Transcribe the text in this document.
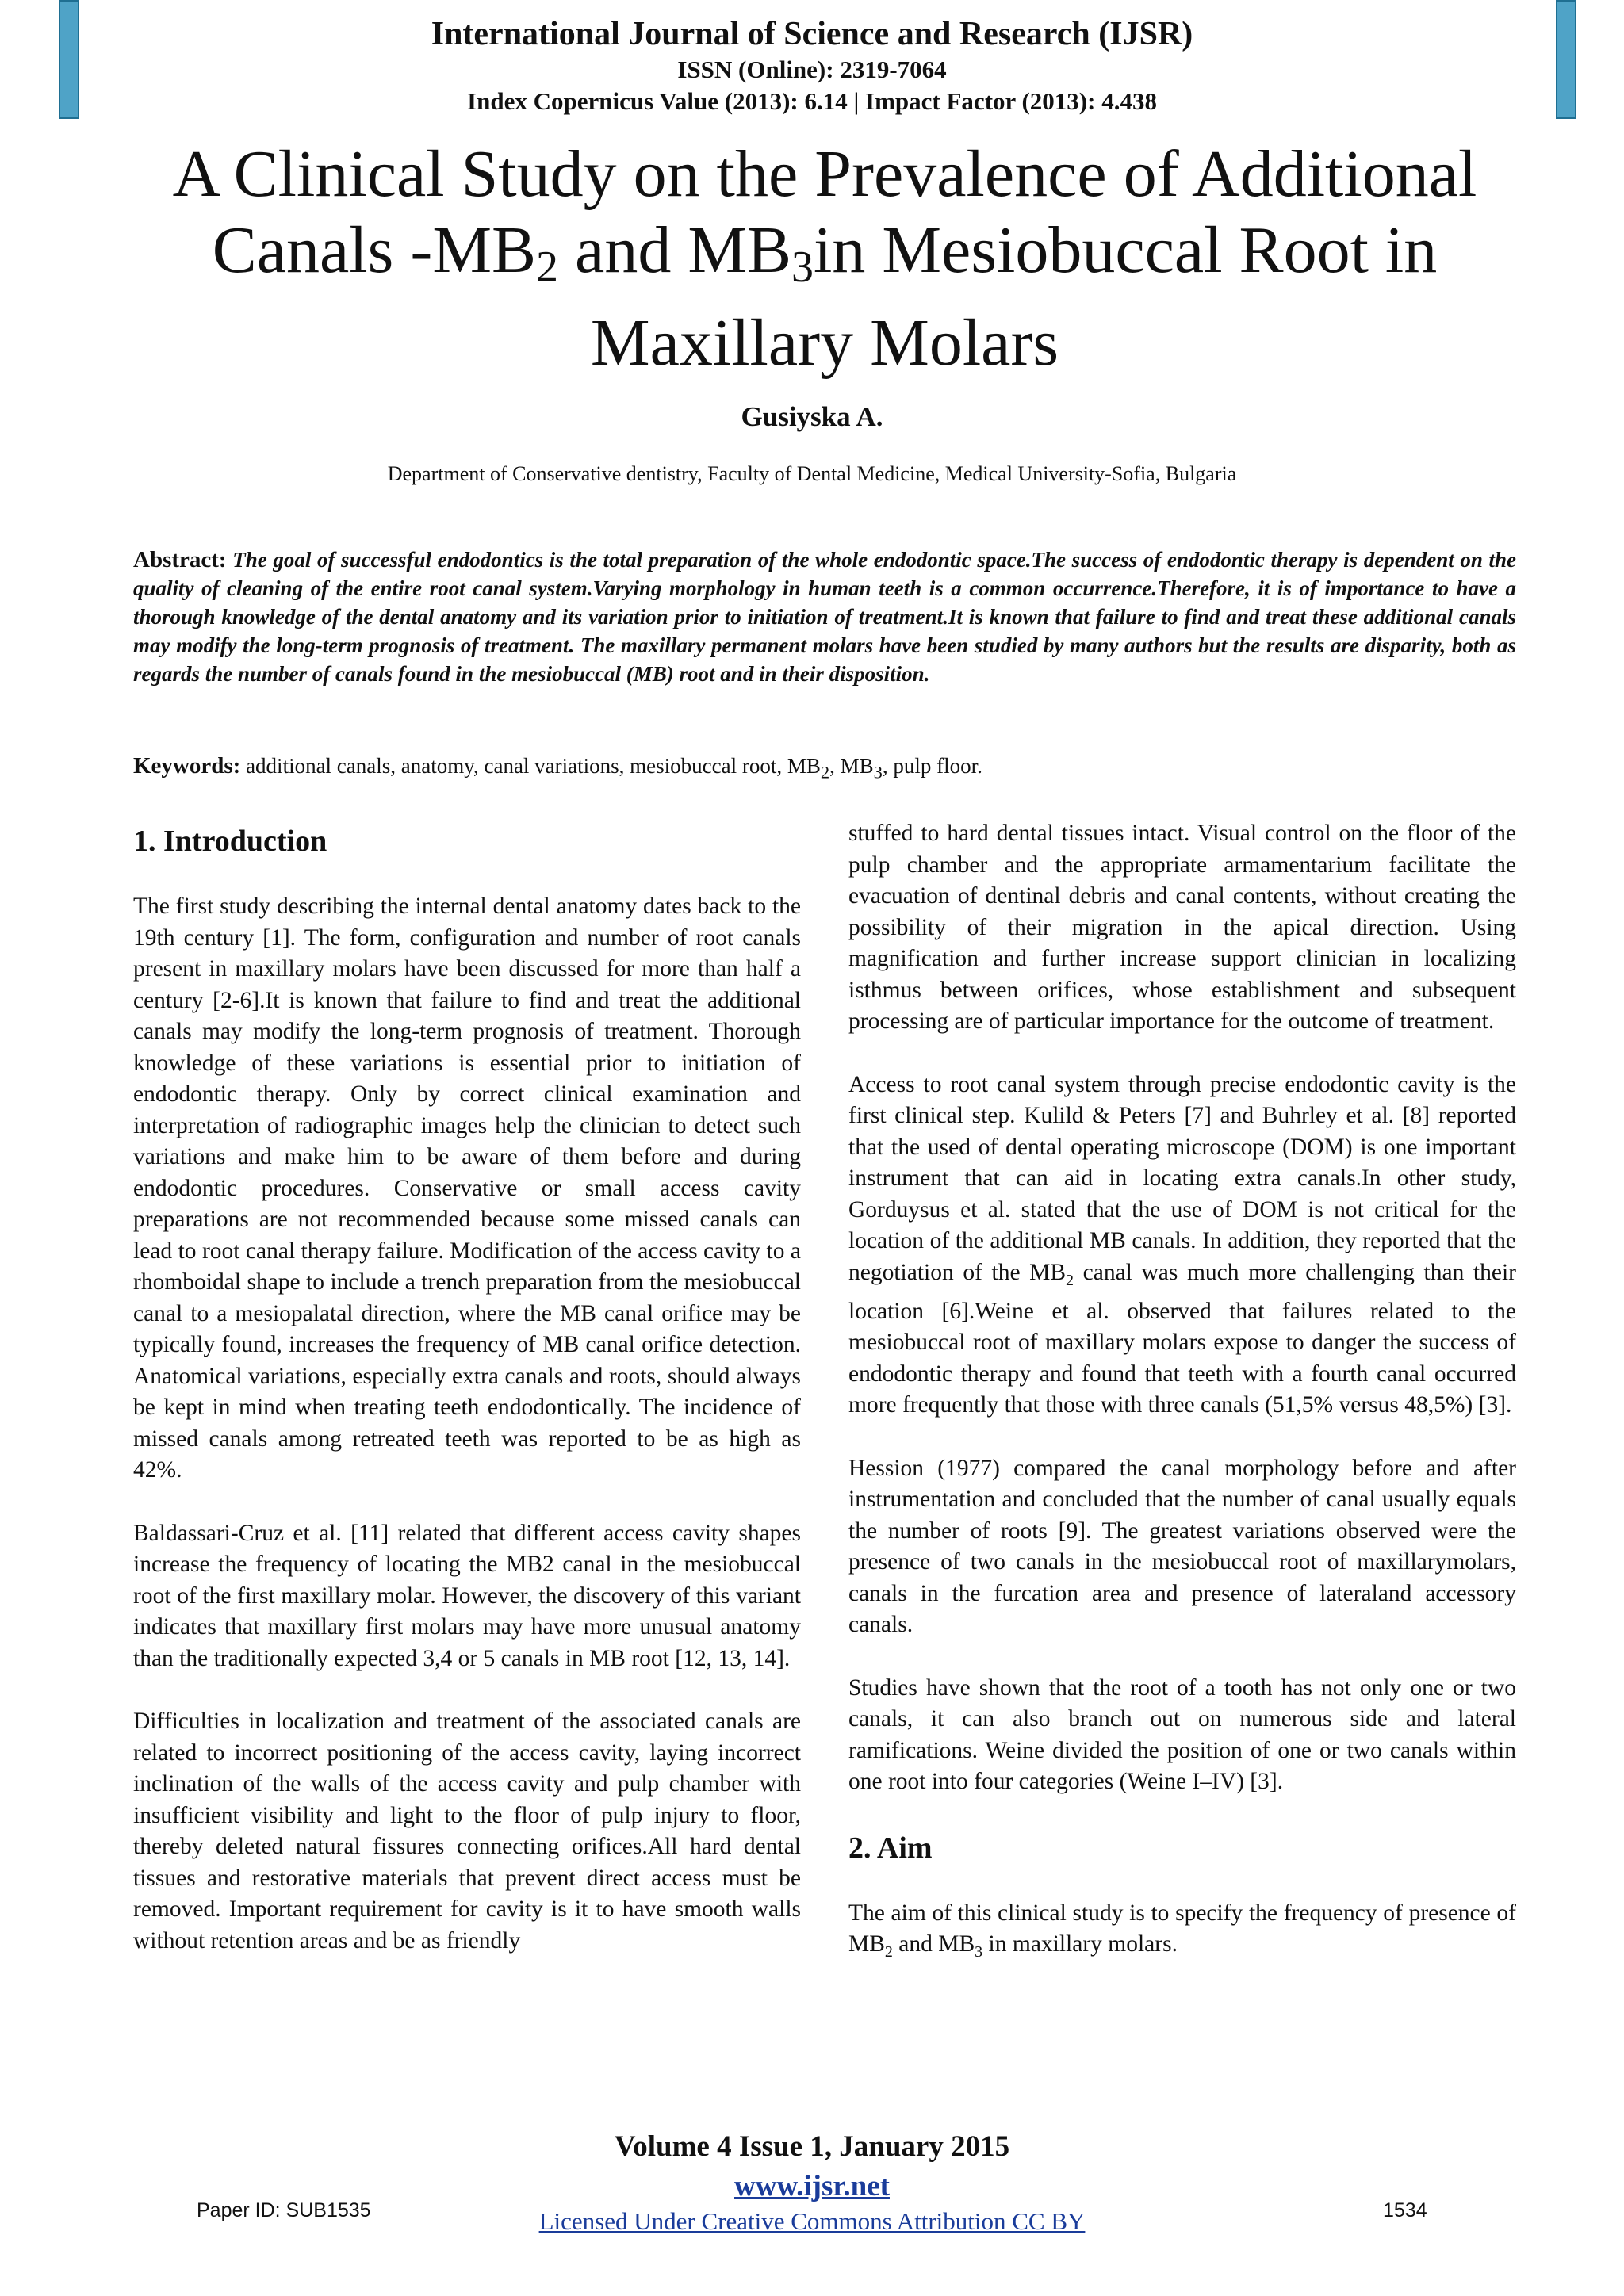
International Journal of Science and Research (IJSR)
ISSN (Online): 2319-7064
Index Copernicus Value (2013): 6.14 | Impact Factor (2013): 4.438
A Clinical Study on the Prevalence of Additional Canals $-MB_2$ and $MB_3in$ Mesiobuccal Root in Maxillary Molars
Gusiyska A.
Department of Conservative dentistry, Faculty of Dental Medicine, Medical University-Sofia, Bulgaria
Abstract: The goal of successful endodontics is the total preparation of the whole endodontic space.The success of endodontic therapy is dependent on the quality of cleaning of the entire root canal system.Varying morphology in human teeth is a common occurrence.Therefore, it is of importance to have a thorough knowledge of the dental anatomy and its variation prior to initiation of treatment.It is known that failure to find and treat these additional canals may modify the long-term prognosis of treatment. The maxillary permanent molars have been studied by many authors but the results are disparity, both as regards the number of canals found in the mesiobuccal (MB) root and in their disposition.
Keywords: additional canals, anatomy, canal variations, mesiobuccal root, $MB_2$, $MB_3$, pulp floor.
1. Introduction

The first study describing the internal dental anatomy dates back to the 19th century [1]. The form, configuration and number of root canals present in maxillary molars have been discussed for more than half a century [2-6].It is known that failure to find and treat the additional canals may modify the long-term prognosis of treatment. Thorough knowledge of these variations is essential prior to initiation of endodontic therapy. Only by correct clinical examination and interpretation of radiographic images help the clinician to detect such variations and make him to be aware of them before and during endodontic procedures. Conservative or small access cavity preparations are not recommended because some missed canals can lead to root canal therapy failure. Modification of the access cavity to a rhomboidal shape to include a trench preparation from the mesiobuccal canal to a mesiopalatal direction, where the MB canal orifice may be typically found, increases the frequency of MB canal orifice detection. Anatomical variations, especially extra canals and roots, should always be kept in mind when treating teeth endodontically. The incidence of missed canals among retreated teeth was reported to be as high as 42%.

Baldassari-Cruz et al. [11] related that different access cavity shapes increase the frequency of locating the MB2 canal in the mesiobuccal root of the first maxillary molar. However, the discovery of this variant indicates that maxillary first molars may have more unusual anatomy than the traditionally expected 3,4 or 5 canals in MB root [12, 13, 14].

Difficulties in localization and treatment of the associated canals are related to incorrect positioning of the access cavity, laying incorrect inclination of the walls of the access cavity and pulp chamber with insufficient visibility and light to the floor of pulp injury to floor, thereby deleted natural fissures connecting orifices.All hard dental tissues and restorative materials that prevent direct access must be removed. Important requirement for cavity is it to have smooth walls without retention areas and be as friendly

stuffed to hard dental tissues intact. Visual control on the floor of the pulp chamber and the appropriate armamentarium facilitate the evacuation of dentinal debris and canal contents, without creating the possibility of their migration in the apical direction. Using magnification and further increase support clinician in localizing isthmus between orifices, whose establishment and subsequent processing are of particular importance for the outcome of treatment.

Access to root canal system through precise endodontic cavity is the first clinical step. Kulild & Peters [7] and Buhrley et al. [8] reported that the used of dental operating microscope (DOM) is one important instrument that can aid in locating extra canals.In other study, Gorduysus et al. stated that the use of DOM is not critical for the location of the additional MB canals. In addition, they reported that the negotiation of the $MB_2$ canal was much more challenging than their location [6].Weine et al. observed that failures related to the mesiobuccal root of maxillary molars expose to danger the success of endodontic therapy and found that teeth with a fourth canal occurred more frequently that those with three canals (51,5% versus 48,5%) [3].

Hession (1977) compared the canal morphology before and after instrumentation and concluded that the number of canal usually equals the number of roots [9]. The greatest variations observed were the presence of two canals in the mesiobuccal root of maxillarymolars, canals in the furcation area and presence of lateraland accessory canals.

Studies have shown that the root of a tooth has not only one or two canals, it can also branch out on numerous side and lateral ramifications. Weine divided the position of one or two canals within one root into four categories (Weine I–IV) [3].

2. Aim

The aim of this clinical study is to specify the frequency of presence of $MB_2$ and $MB_3$ in maxillary molars.

Volume 4 Issue 1, January 2015
www.ijsr.net
Licensed Under Creative Commons Attribution CC BY
Paper ID: SUB1535	1534
